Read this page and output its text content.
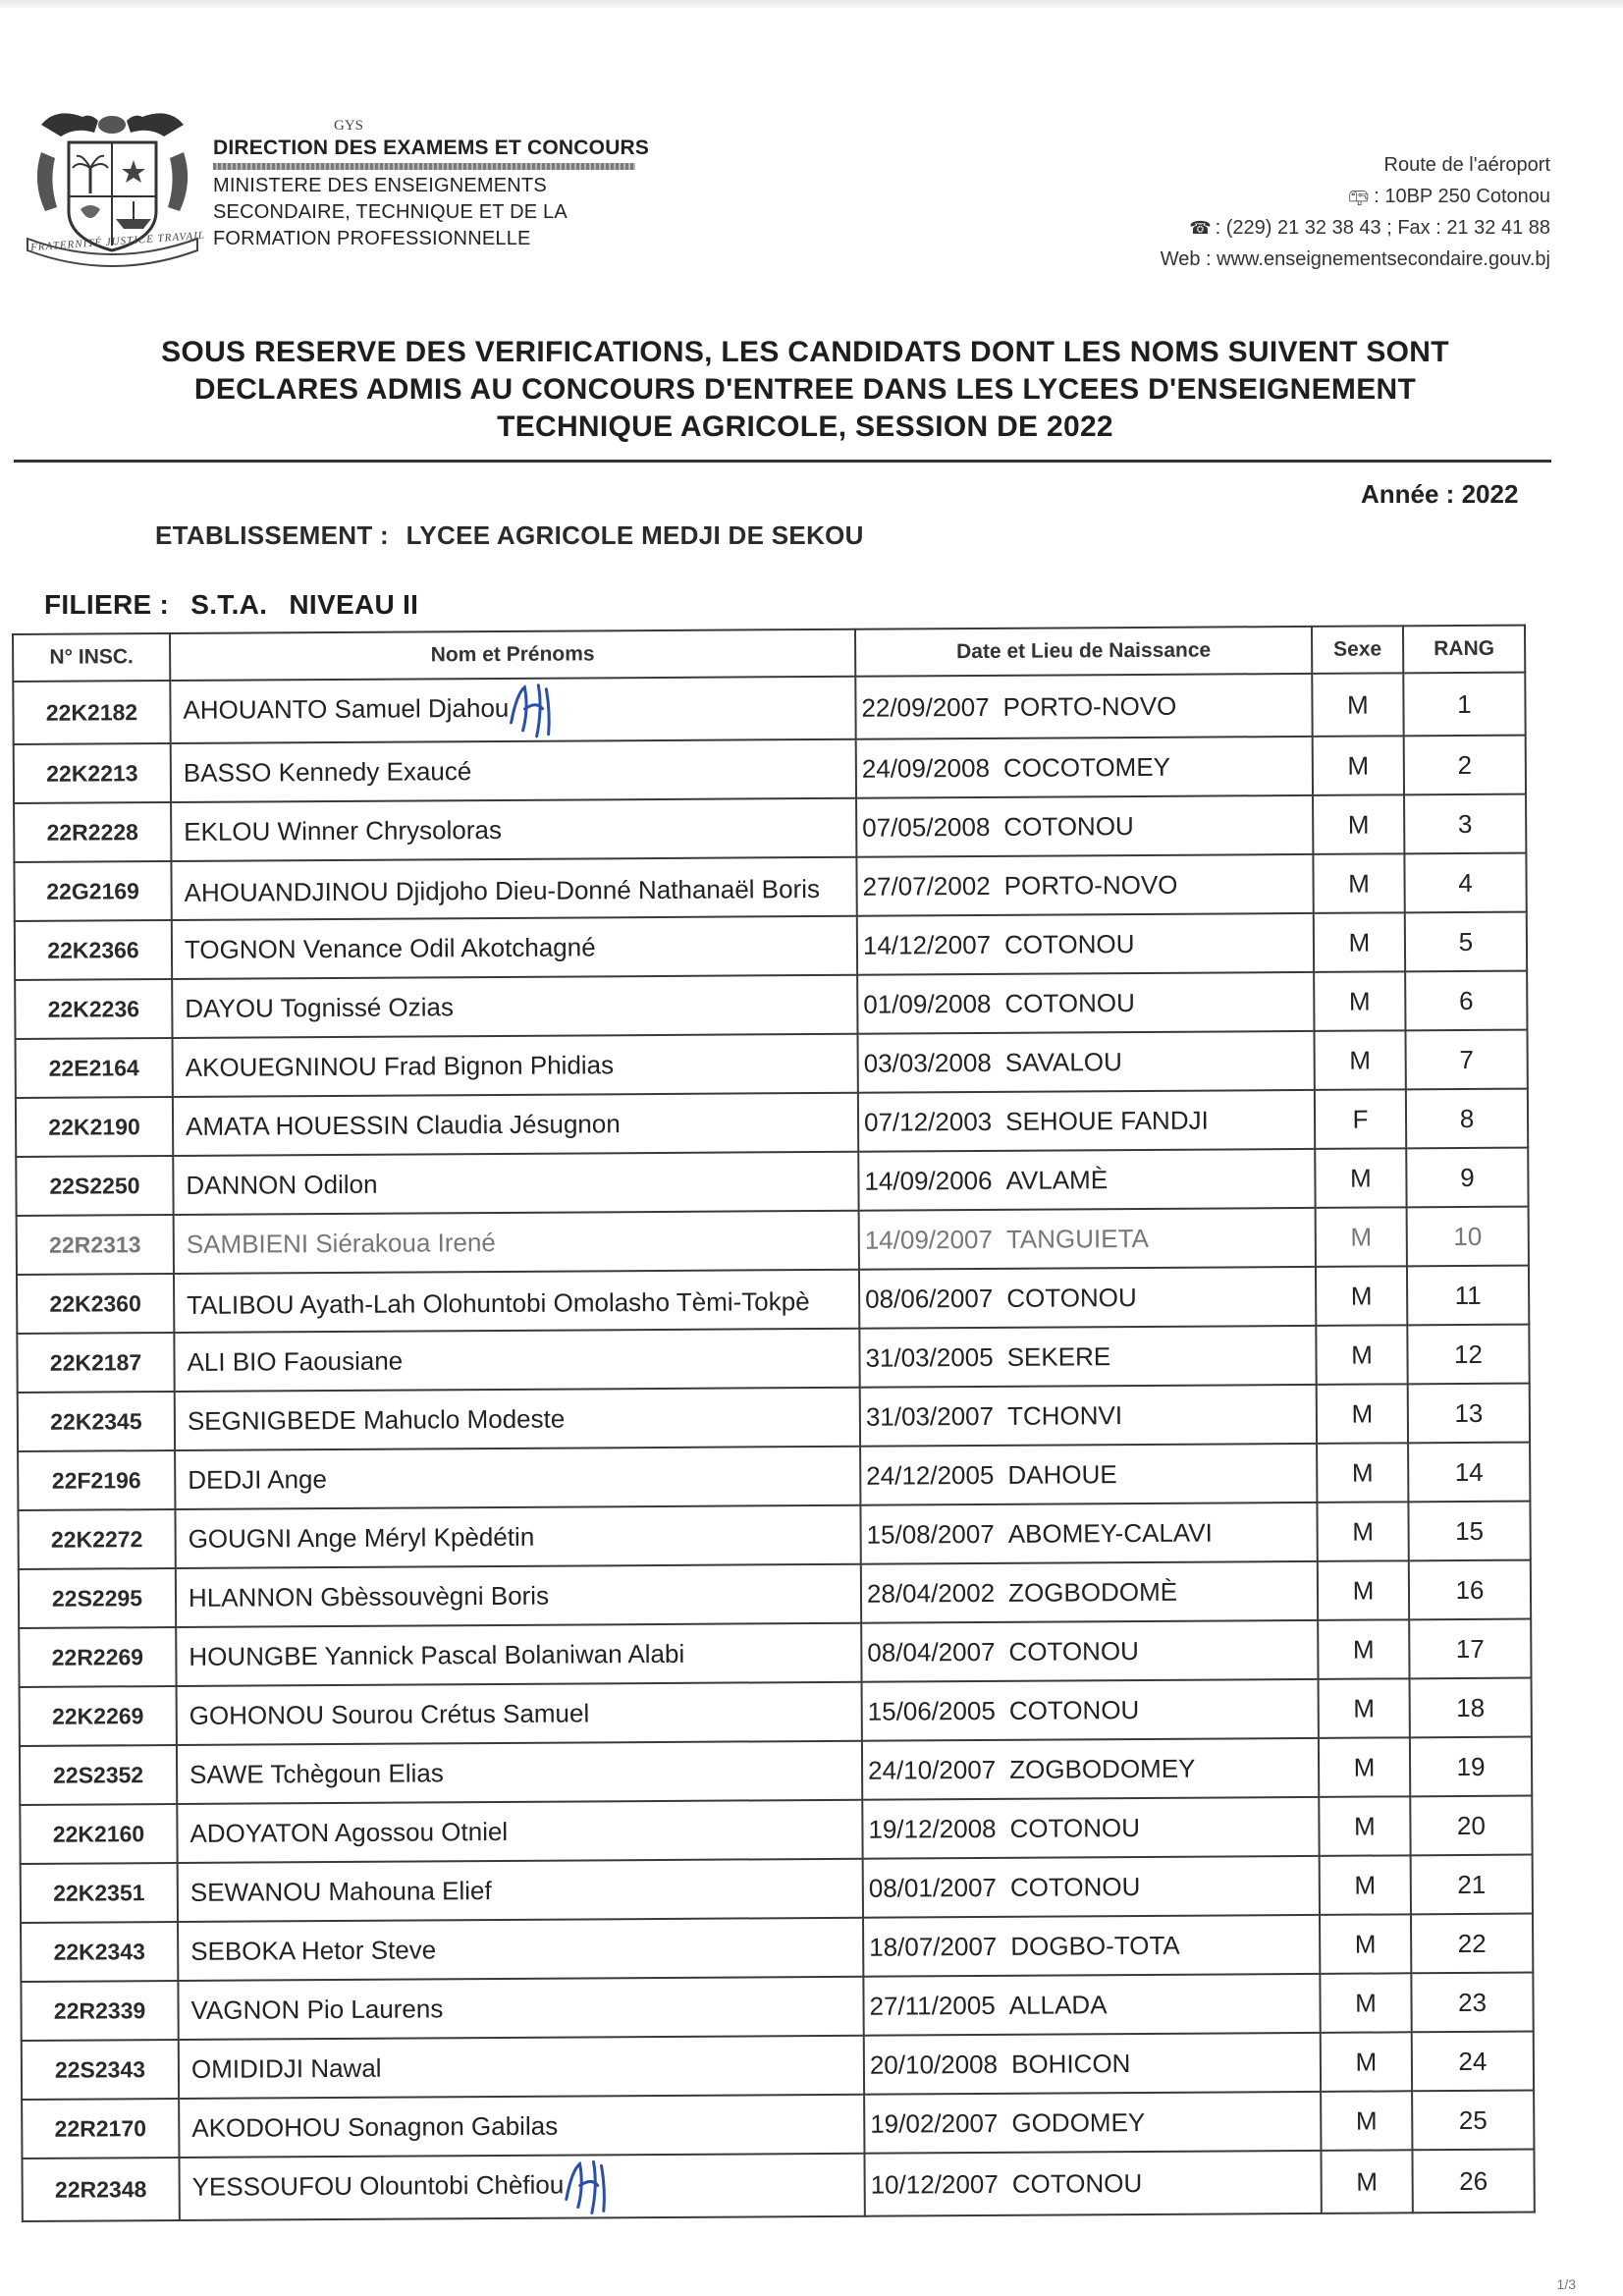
FRATERNITÉ JUSTICE TRAVAIL
GYS
DIRECTION DES EXAMEMS ET CONCOURS
MINISTERE DES ENSEIGNEMENTS
SECONDAIRE, TECHNIQUE ET DE LA
FORMATION PROFESSIONNELLE
Route de l'aéroport
📪︎ : 10BP 250 Cotonou
☎ : (229) 21 32 38 43 ; Fax : 21 32 41 88
Web : www.enseignementsecondaire.gouv.bj
SOUS RESERVE DES VERIFICATIONS, LES CANDIDATS DONT LES NOMS SUIVENT SONT
DECLARES ADMIS AU CONCOURS D'ENTREE DANS LES LYCEES D'ENSEIGNEMENT
TECHNIQUE AGRICOLE, SESSION DE 2022
Année : 2022
ETABLISSEMENT : LYCEE AGRICOLE MEDJI DE SEKOU
FILIERE : S.T.A. NIVEAU II
N° INSC.	Nom et Prénoms	Date et Lieu de Naissance	Sexe	RANG
22K2182	AHOUANTO Samuel Djahou	22/09/2007 PORTO-NOVO	M	1
22K2213	BASSO Kennedy Exaucé	24/09/2008 COCOTOMEY	M	2
22R2228	EKLOU Winner Chrysoloras	07/05/2008 COTONOU	M	3
22G2169	AHOUANDJINOU Djidjoho Dieu-Donné Nathanaël Boris	27/07/2002 PORTO-NOVO	M	4
22K2366	TOGNON Venance Odil Akotchagné	14/12/2007 COTONOU	M	5
22K2236	DAYOU Tognissé Ozias	01/09/2008 COTONOU	M	6
22E2164	AKOUEGNINOU Frad Bignon Phidias	03/03/2008 SAVALOU	M	7
22K2190	AMATA HOUESSIN Claudia Jésugnon	07/12/2003 SEHOUE FANDJI	F	8
22S2250	DANNON Odilon	14/09/2006 AVLAMÈ	M	9
22R2313	SAMBIENI Siérakoua Irené	14/09/2007 TANGUIETA	M	10
22K2360	TALIBOU Ayath-Lah Olohuntobi Omolasho Tèmi-Tokpè	08/06/2007 COTONOU	M	11
22K2187	ALI BIO Faousiane	31/03/2005 SEKERE	M	12
22K2345	SEGNIGBEDE Mahuclo Modeste	31/03/2007 TCHONVI	M	13
22F2196	DEDJI Ange	24/12/2005 DAHOUE	M	14
22K2272	GOUGNI Ange Méryl Kpèdétin	15/08/2007 ABOMEY-CALAVI	M	15
22S2295	HLANNON Gbèssouvègni Boris	28/04/2002 ZOGBODOMÈ	M	16
22R2269	HOUNGBE Yannick Pascal Bolaniwan Alabi	08/04/2007 COTONOU	M	17
22K2269	GOHONOU Sourou Crétus Samuel	15/06/2005 COTONOU	M	18
22S2352	SAWE Tchègoun Elias	24/10/2007 ZOGBODOMEY	M	19
22K2160	ADOYATON Agossou Otniel	19/12/2008 COTONOU	M	20
22K2351	SEWANOU Mahouna Elief	08/01/2007 COTONOU	M	21
22K2343	SEBOKA Hetor Steve	18/07/2007 DOGBO-TOTA	M	22
22R2339	VAGNON Pio Laurens	27/11/2005 ALLADA	M	23
22S2343	OMIDIDJI Nawal	20/10/2008 BOHICON	M	24
22R2170	AKODOHOU Sonagnon Gabilas	19/02/2007 GODOMEY	M	25
22R2348	YESSOUFOU Olountobi Chèfiou	10/12/2007 COTONOU	M	26
1/3
